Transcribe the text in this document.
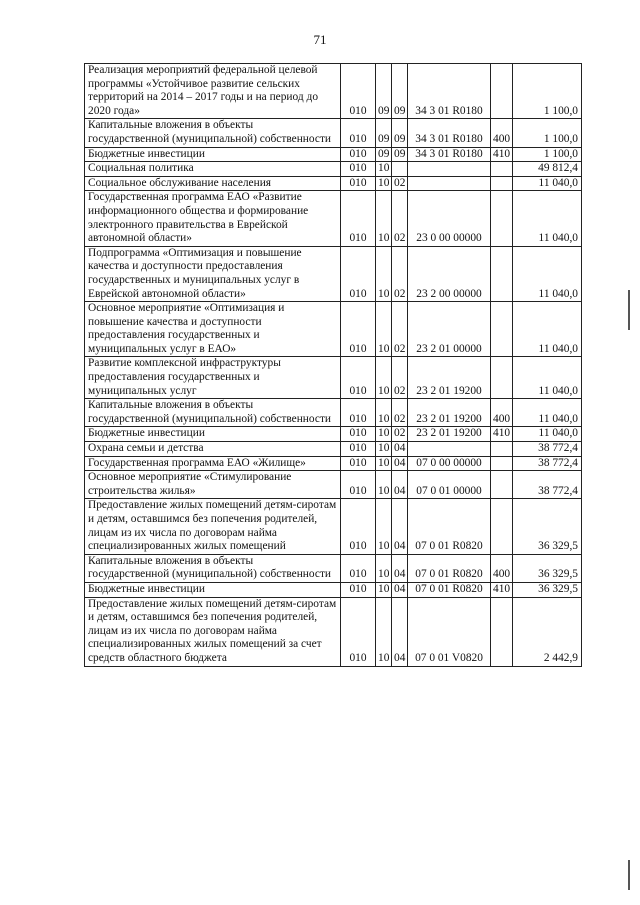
71
Реализация мероприятий федеральной целевой программы «Устойчивое развитие сельских территорий на 2014 – 2017 годы и на период до 2020 года»	010	09	09	34 3 01 R0180		1 100,0
Капитальные вложения в объекты государственной (муниципальной) собственности	010	09	09	34 3 01 R0180	400	1 100,0
Бюджетные инвестиции	010	09	09	34 3 01 R0180	410	1 100,0
Социальная политика	010	10				49 812,4
Социальное обслуживание населения	010	10	02			11 040,0
Государственная программа ЕАО «Развитие информационного общества и формирование электронного правительства в Еврейской автономной области»	010	10	02	23 0 00 00000		11 040,0
Подпрограмма «Оптимизация и повышение качества и доступности предоставления государственных и муниципальных услуг в Еврейской автономной области»	010	10	02	23 2 00 00000		11 040,0
Основное мероприятие «Оптимизация и повышение качества и доступности предоставления государственных и муниципальных услуг в ЕАО»	010	10	02	23 2 01 00000		11 040,0
Развитие комплексной инфраструктуры предоставления государственных и муниципальных услуг	010	10	02	23 2 01 19200		11 040,0
Капитальные вложения в объекты государственной (муниципальной) собственности	010	10	02	23 2 01 19200	400	11 040,0
Бюджетные инвестиции	010	10	02	23 2 01 19200	410	11 040,0
Охрана семьи и детства	010	10	04			38 772,4
Государственная программа ЕАО «Жилище»	010	10	04	07 0 00 00000		38 772,4
Основное мероприятие «Стимулирование строительства жилья»	010	10	04	07 0 01 00000		38 772,4
Предоставление жилых помещений детям-сиротам и детям, оставшимся без попечения родителей, лицам из их числа по договорам найма специализированных жилых помещений	010	10	04	07 0 01 R0820		36 329,5
Капитальные вложения в объекты государственной (муниципальной) собственности	010	10	04	07 0 01 R0820	400	36 329,5
Бюджетные инвестиции	010	10	04	07 0 01 R0820	410	36 329,5
Предоставление жилых помещений детям-сиротам и детям, оставшимся без попечения родителей, лицам из их числа по договорам найма специализированных жилых помещений за счет средств областного бюджета	010	10	04	07 0 01 V0820		2 442,9
